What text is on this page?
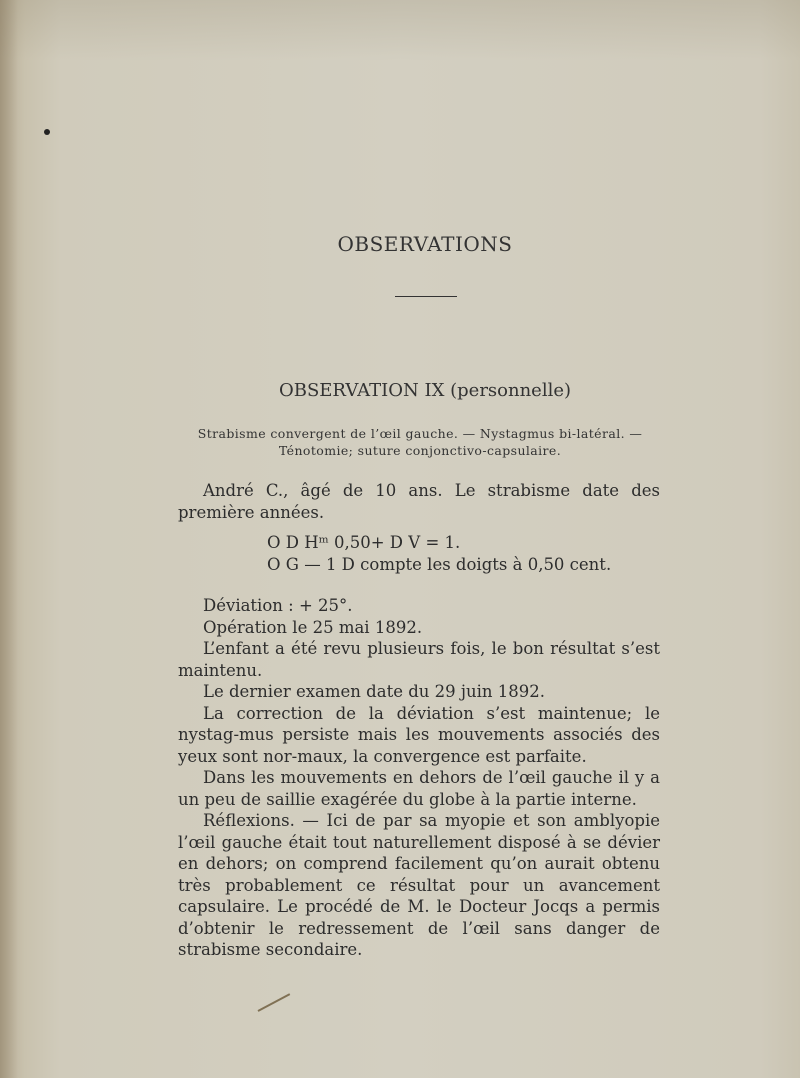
OBSERVATIONS
OBSERVATION IX (personnelle)
Strabisme convergent de l’œil gauche. — Nystagmus bi-latéral. —
Ténotomie; suture conjonctivo-capsulaire.

André C., âgé de 10 ans. Le strabisme date des première années.

O D Hᵐ 0,50+ D V = 1.

O G — 1 D compte les doigts à 0,50 cent.

Déviation : + 25°.

Opération le 25 mai 1892.

L’enfant a été revu plusieurs fois, le bon résultat s’est maintenu.

Le dernier examen date du 29 juin 1892.

La correction de la déviation s’est maintenue; le nystag-mus persiste mais les mouvements associés des yeux sont nor-maux, la convergence est parfaite.

Dans les mouvements en dehors de l’œil gauche il y a un peu de saillie exagérée du globe à la partie interne.

Réflexions. — Ici de par sa myopie et son amblyopie l’œil gauche était tout naturellement disposé à se dévier en dehors; on comprend facilement qu’on aurait obtenu très probablement ce résultat pour un avancement capsulaire. Le procédé de M. le Docteur Jocqs a permis d’obtenir le redressement de l’œil sans danger de strabisme secondaire.
